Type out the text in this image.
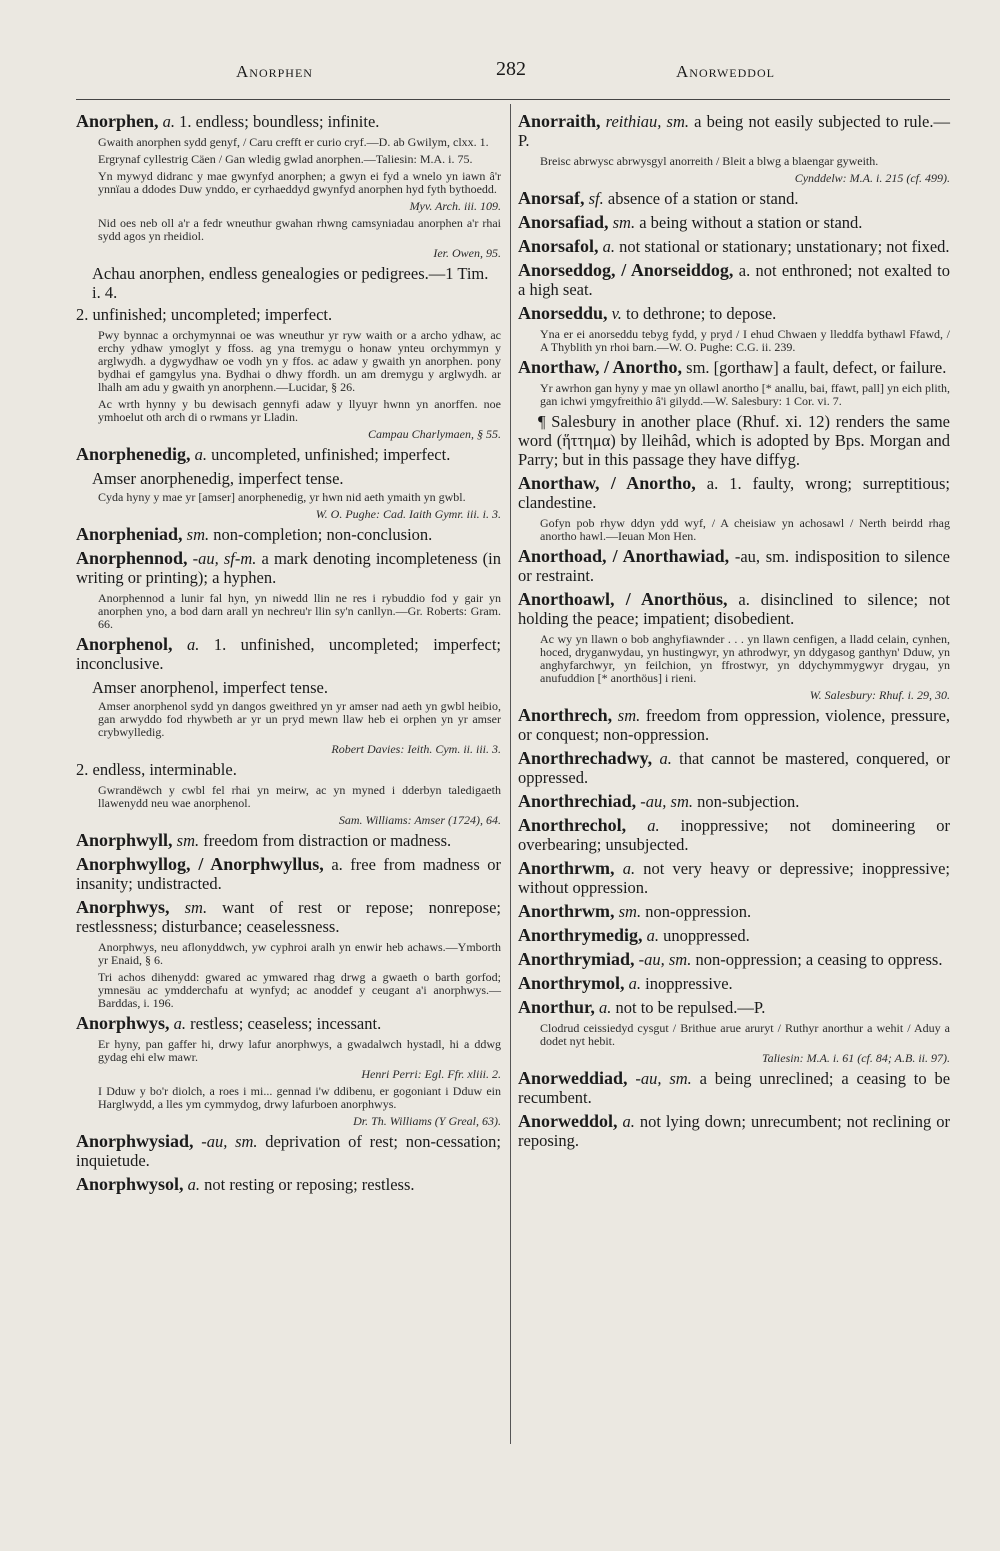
Anorphen	282	Anorweddol
Anorphen, a. 1. endless; boundless; infinite.
Gwaith anorphen sydd genyf, / Caru crefft er curio cryf.—D. ab Gwilym, clxx. 1.
Ergrynaf cyllestrig Cäen / Gan wledig gwlad anorphen.—Taliesin: M.A. i. 75.
Yn mywyd didranc y mae gwynfyd anorphen; a gwyn ei fyd a wnelo yn iawn â'r ynnïau a ddodes Duw ynddo, er cyrhaeddyd gwynfyd anorphen hyd fyth bythoedd.
Myv. Arch. iii. 109.
Nid oes neb oll a'r a fedr wneuthur gwahan rhwng camsyniadau anorphen a'r rhai sydd agos yn rheidiol.
Ier. Owen, 95.
Achau anorphen, endless genealogies or pedigrees.—1 Tim. i. 4.
2. unfinished; uncompleted; imperfect.
Pwy bynnac a orchymynnai oe was wneuthur yr ryw waith or a archo ydhaw, ac erchy ydhaw ymoglyt y ffoss. ag yna tremygu o honaw ynteu orchymmyn y arglwydh. a dygwydhaw oe vodh yn y ffos. ac adaw y gwaith yn anorphen. pony bydhai ef gamgylus yna. Bydhai o dhwy ffordh. un am dremygu y arglwydh. ar lhalh am adu y gwaith yn anorphenn.—Lucidar, § 26.
Ac wrth hynny y bu dewisach gennyfi adaw y llyuyr hwnn yn anorffen. noe ymhoelut oth arch di o rwmans yr Lladin.
Campau Charlymaen, § 55.
Anorphenedig, a. uncompleted, unfinished; imperfect.
Amser anorphenedig, imperfect tense.
Cyda hyny y mae yr [amser] anorphenedig, yr hwn nid aeth ymaith yn gwbl.
W. O. Pughe: Cad. Iaith Gymr. iii. i. 3.
Anorpheniad, sm. non-completion; non-conclusion.
Anorphennod, -au, sf-m. a mark denoting incompleteness (in writing or printing); a hyphen.
Anorphennod a lunir fal hyn, yn niwedd llin ne res i rybuddio fod y gair yn anorphen yno, a bod darn arall yn nechreu'r llin sy'n canllyn.—Gr. Roberts: Gram. 66.
Anorphenol, a. 1. unfinished, uncompleted; imperfect; inconclusive.
Amser anorphenol, imperfect tense.
Amser anorphenol sydd yn dangos gweithred yn yr amser nad aeth yn gwbl heibio, gan arwyddo fod rhywbeth ar yr un pryd mewn llaw heb ei orphen yn yr amser crybwylledig.
Robert Davies: Ieith. Cym. ii. iii. 3.
2. endless, interminable.
Gwrandëwch y cwbl fel rhai yn meirw, ac yn myned i dderbyn taledigaeth llawenydd neu wae anorphenol.
Sam. Williams: Amser (1724), 64.
Anorphwyll, sm. freedom from distraction or madness.
Anorphwyllog, / Anorphwyllus, a. free from madness or insanity; undistracted.
Anorphwys, sm. want of rest or repose; nonrepose; restlessness; disturbance; ceaselessness.
Anorphwys, neu aflonyddwch, yw cyphroi aralh yn enwir heb achaws.—Ymborth yr Enaid, § 6.
Tri achos dihenydd: gwared ac ymwared rhag drwg a gwaeth o barth gorfod; ymnesäu ac ymdderchafu at wynfyd; ac anoddef y ceugant a'i anorphwys.—Barddas, i. 196.
Anorphwys, a. restless; ceaseless; incessant.
Er hyny, pan gaffer hi, drwy lafur anorphwys, a gwadalwch hystadl, hi a ddwg gydag ehi elw mawr.
Henri Perri: Egl. Ffr. xliii. 2.
I Dduw y bo'r diolch, a roes i mi... gennad i'w ddibenu, er gogoniant i Dduw ein Harglwydd, a lles ym cymmydog, drwy lafurboen anorphwys.
Dr. Th. Williams (Y Greal, 63).
Anorphwysiad, -au, sm. deprivation of rest; non-cessation; inquietude.
Anorphwysol, a. not resting or reposing; restless.
Anorraith, reithiau, sm. a being not easily subjected to rule.—P.
Breisc abrwysc abrwysgyl anorreith / Bleit a blwg a blaengar gyweith.
Cynddelw: M.A. i. 215 (cf. 499).
Anorsaf, sf. absence of a station or stand.
Anorsafiad, sm. a being without a station or stand.
Anorsafol, a. not stational or stationary; unstationary; not fixed.
Anorseddog, / Anorseiddog, a. not enthroned; not exalted to a high seat.
Anorseddu, v. to dethrone; to depose.
Yna er ei anorseddu tebyg fydd, y pryd / I ehud Chwaen y lleddfa bythawl Ffawd, / A Thyblith yn rhoi barn.—W. O. Pughe: C.G. ii. 239.
Anorthaw, / Anortho, sm. [gorthaw] a fault, defect, or failure.
Yr awrhon gan hyny y mae yn ollawl anortho [* anallu, bai, ffawt, pall] yn eich plith, gan ichwi ymgyfreithio â'i gilydd.—W. Salesbury: 1 Cor. vi. 7.
¶ Salesbury in another place (Rhuf. xi. 12) renders the same word (ἥττημα) by lleihâd, which is adopted by Bps. Morgan and Parry; but in this passage they have diffyg.
Anorthaw, / Anortho, a. 1. faulty, wrong; surreptitious; clandestine.
Gofyn pob rhyw ddyn ydd wyf, / A cheisiaw yn achosawl / Nerth beirdd rhag anortho hawl.—Ieuan Mon Hen.
Anorthoad, / Anorthawiad, -au, sm. indisposition to silence or restraint.
Anorthoawl, / Anorthöus, a. disinclined to silence; not holding the peace; impatient; disobedient.
Ac wy yn llawn o bob anghyfiawnder . . . yn llawn cenfigen, a lladd celain, cynhen, hoced, dryganwydau, yn hustingwyr, yn athrodwyr, yn ddygasog ganthyn' Dduw, yn anghyfarchwyr, yn feilchion, yn ffrostwyr, yn ddychymmygwyr drygau, yn anufuddion [* anorthöus] i rieni.
W. Salesbury: Rhuf. i. 29, 30.
Anorthrech, sm. freedom from oppression, violence, pressure, or conquest; non-oppression.
Anorthrechadwy, a. that cannot be mastered, conquered, or oppressed.
Anorthrechiad, -au, sm. non-subjection.
Anorthrechol, a. inoppressive; not domineering or overbearing; unsubjected.
Anorthrwm, a. not very heavy or depressive; inoppressive; without oppression.
Anorthrwm, sm. non-oppression.
Anorthrymedig, a. unoppressed.
Anorthrymiad, -au, sm. non-oppression; a ceasing to oppress.
Anorthrymol, a. inoppressive.
Anorthur, a. not to be repulsed.—P.
Clodrud ceissiedyd cysgut / Brithue arue aruryt / Ruthyr anorthur a wehit / Aduy a dodet nyt hebit.
Taliesin: M.A. i. 61 (cf. 84; A.B. ii. 97).
Anorweddiad, -au, sm. a being unreclined; a ceasing to be recumbent.
Anorweddol, a. not lying down; unrecumbent; not reclining or reposing.
